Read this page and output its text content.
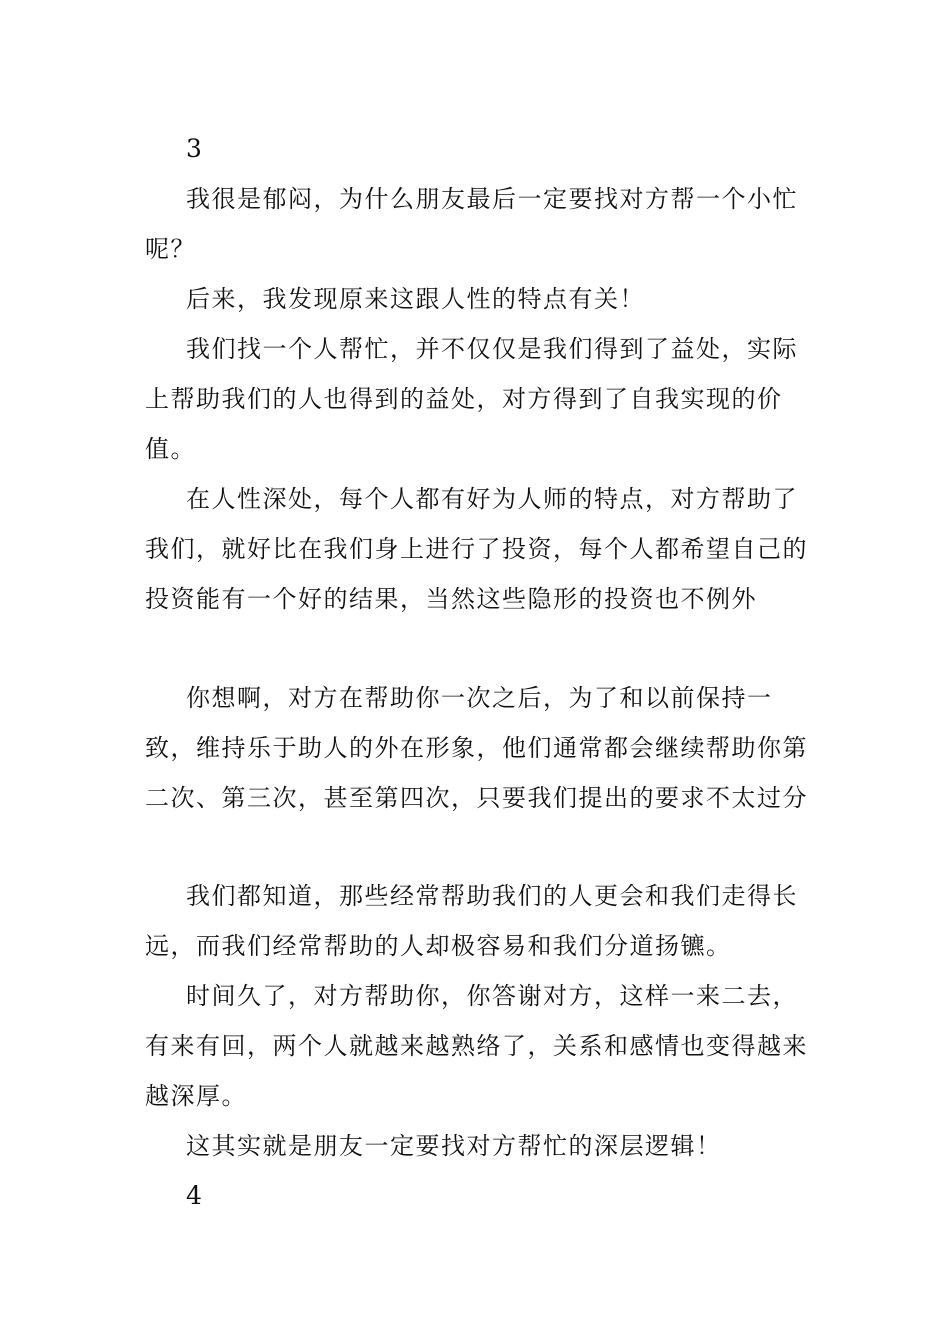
3

我很是郁闷，为什么朋友最后一定要找对方帮一个小忙呢？

后来，我发现原来这跟人性的特点有关！

我们找一个人帮忙，并不仅仅是我们得到了益处，实际上帮助我们的人也得到的益处，对方得到了自我实现的价值。

在人性深处，每个人都有好为人师的特点，对方帮助了我们，就好比在我们身上进行了投资，每个人都希望自己的投资能有一个好的结果，当然这些隐形的投资也不例外

你想啊，对方在帮助你一次之后，为了和以前保持一致，维持乐于助人的外在形象，他们通常都会继续帮助你第二次、第三次，甚至第四次，只要我们提出的要求不太过分

我们都知道，那些经常帮助我们的人更会和我们走得长远，而我们经常帮助的人却极容易和我们分道扬镳。

时间久了，对方帮助你，你答谢对方，这样一来二去，有来有回，两个人就越来越熟络了，关系和感情也变得越来越深厚。

这其实就是朋友一定要找对方帮忙的深层逻辑！

4
